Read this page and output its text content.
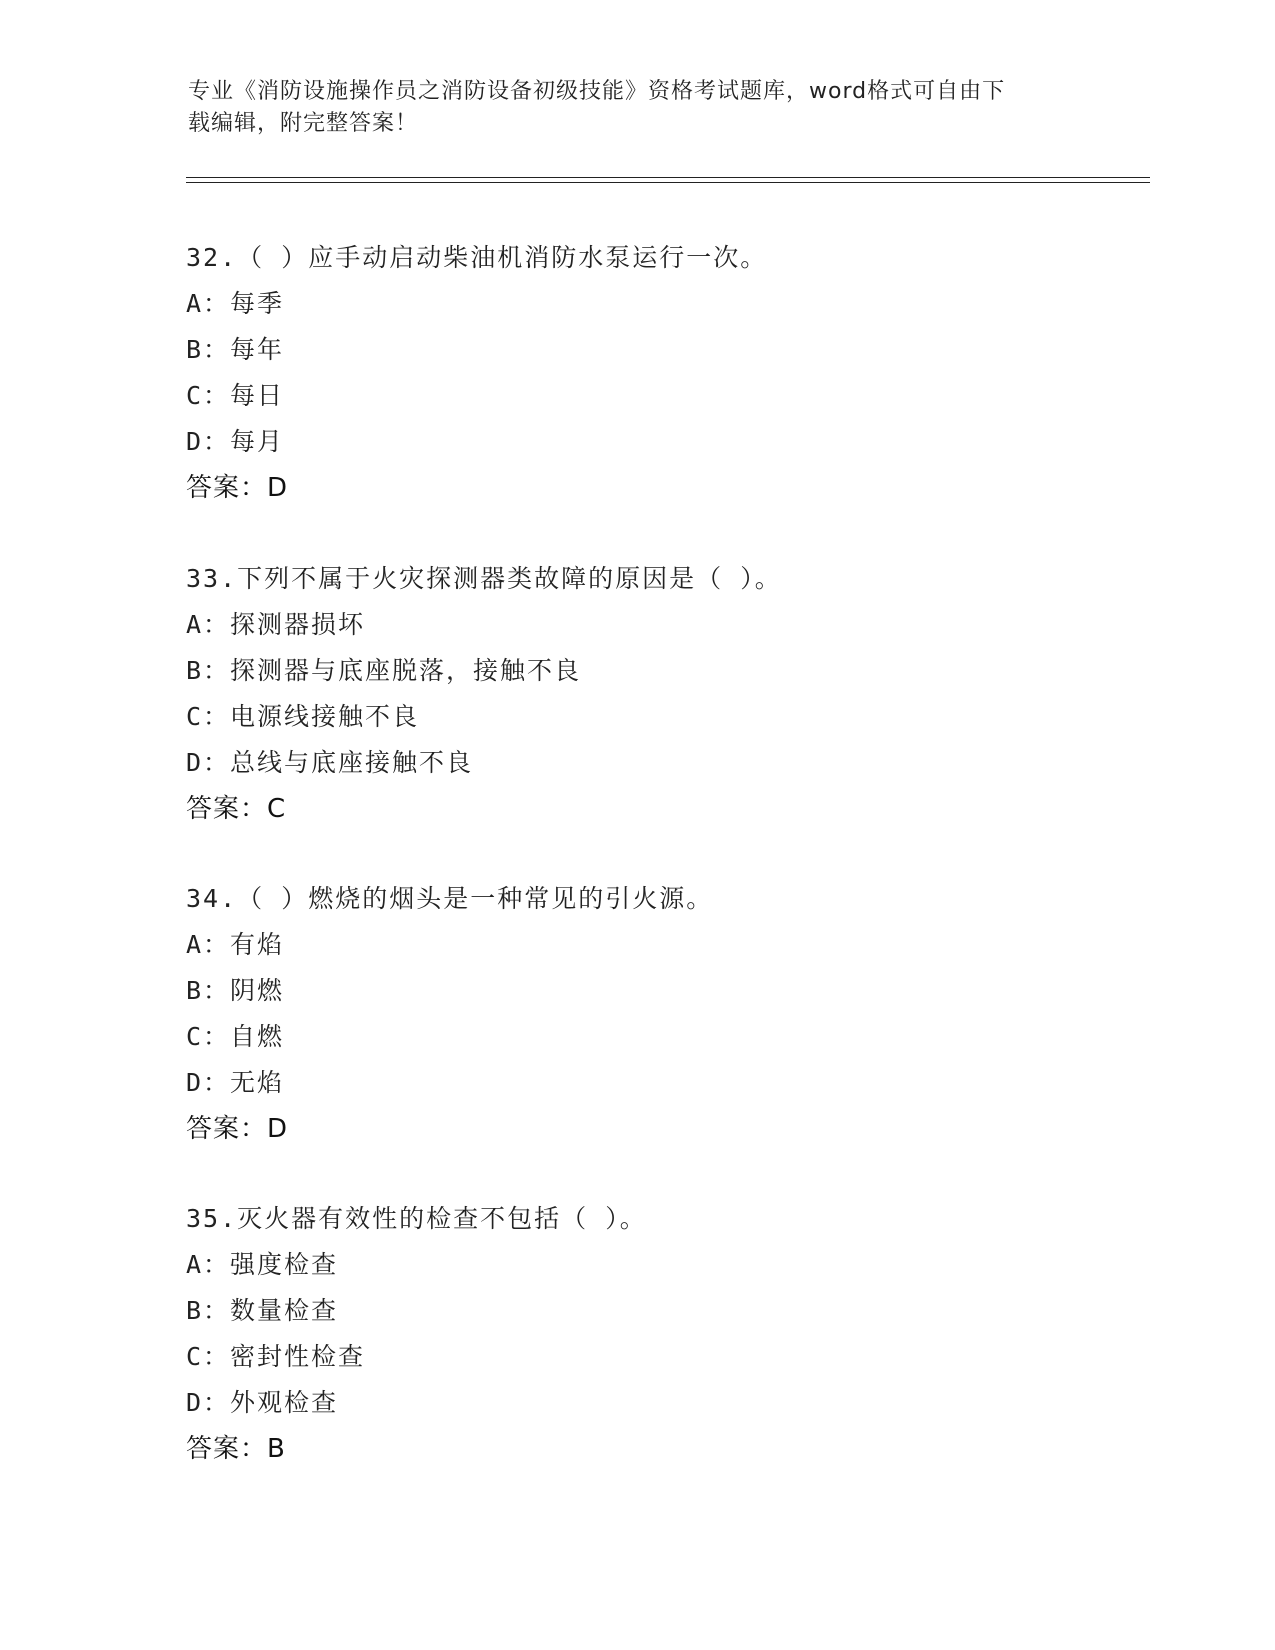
专业《消防设施操作员之消防设备初级技能》资格考试题库，word格式可自由下
载编辑，附完整答案！
32.（ ）应手动启动柴油机消防水泵运行一次。
A：每季
B：每年
C：每日
D：每月
答案：D
33.下列不属于火灾探测器类故障的原因是（ ）。
A：探测器损坏
B：探测器与底座脱落，接触不良
C：电源线接触不良
D：总线与底座接触不良
答案：C
34.（ ）燃烧的烟头是一种常见的引火源。
A：有焰
B：阴燃
C：自燃
D：无焰
答案：D
35.灭火器有效性的检查不包括（ ）。
A：强度检查
B：数量检查
C：密封性检查
D：外观检查
答案：B
